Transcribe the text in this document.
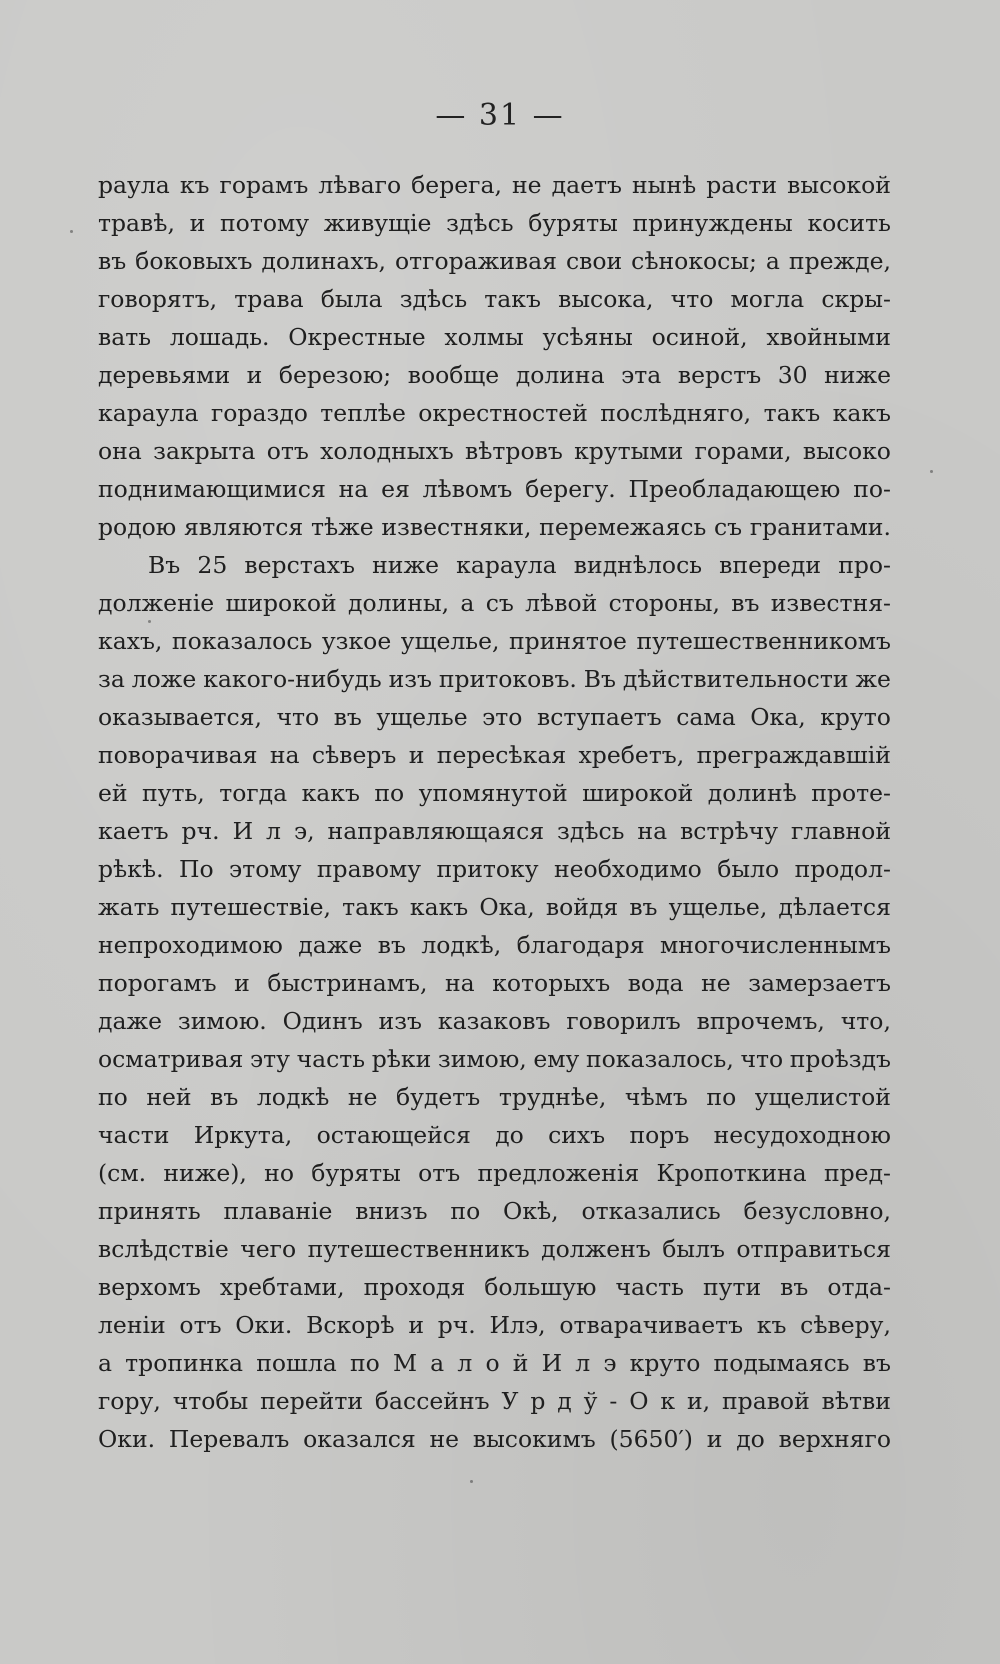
— 31 —
раула къ горамъ лѣваго берега, не даетъ нынѣ расти высокой
травѣ, и потому живущіе здѣсь буряты принуждены косить
въ боковыхъ долинахъ, отгораживая свои сѣнокосы; а прежде,
говорятъ, трава была здѣсь такъ высока, что могла скры-
вать лошадь. Окрестные холмы усѣяны осиной, хвойными
деревьями и березою; вообще долина эта верстъ 30 ниже
караула гораздо теплѣе окрестностей послѣдняго, такъ какъ
она закрыта отъ холодныхъ вѣтровъ крутыми горами, высоко
поднимающимися на ея лѣвомъ берегу. Преобладающею по-
родою являются тѣже известняки, перемежаясь съ гранитами.
Въ 25 верстахъ ниже караула виднѣлось впереди про-
долженіе широкой долины, а съ лѣвой стороны, въ известня-
кахъ, показалось узкое ущелье, принятое путешественникомъ
за ложе какого-нибудь изъ притоковъ. Въ дѣйствительности же
оказывается, что въ ущелье это вступаетъ сама Ока, круто
поворачивая на сѣверъ и пересѣкая хребетъ, преграждавшій
ей путь, тогда какъ по упомянутой широкой долинѣ проте-
каетъ рч. И л э, направляющаяся здѣсь на встрѣчу главной
рѣкѣ. По этому правому притоку необходимо было продол-
жать путешествіе, такъ какъ Ока, войдя въ ущелье, дѣлается
непроходимою даже въ лодкѣ, благодаря многочисленнымъ
порогамъ и быстринамъ, на которыхъ вода не замерзаетъ
даже зимою. Одинъ изъ казаковъ говорилъ впрочемъ, что,
осматривая эту часть рѣки зимою, ему показалось, что проѣздъ
по ней въ лодкѣ не будетъ труднѣе, чѣмъ по ущелистой
части Иркута, остающейся до сихъ поръ несудоходною
(см. ниже), но буряты отъ предложенія Кропоткина пред-
принять плаваніе внизъ по Окѣ, отказались безусловно,
вслѣдствіе чего путешественникъ долженъ былъ отправиться
верхомъ хребтами, проходя большую часть пути въ отда-
леніи отъ Оки. Вскорѣ и рч. Илэ, отварачиваетъ къ сѣверу,
а тропинка пошла по М а л о й И л э круто подымаясь въ
гору, чтобы перейти бассейнъ У р д ў - О к и, правой вѣтви
Оки. Перевалъ оказался не высокимъ (5650′) и до верхняго
